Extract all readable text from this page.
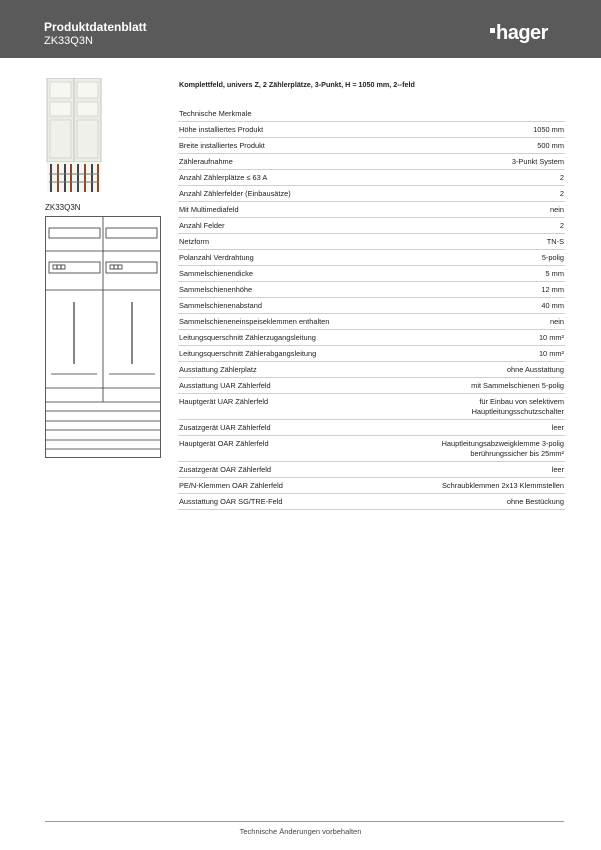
Produktdatenblatt
ZK33Q3N	hager
ZK33Q3N
Komplettfeld, univers Z, 2 Zählerplätze, 3-Punkt, H = 1050 mm, 2--feld
Technische Merkmale
Höhe installiertes Produkt	1050 mm
Breite installiertes Produkt	500 mm
Zähleraufnahme	3-Punkt System
Anzahl Zählerplätze ≤ 63 A	2
Anzahl Zählerfelder (Einbausätze)	2
Mit Multimediafeld	nein
Anzahl Felder	2
Netzform	TN-S
Polanzahl Verdrahtung	5-polig
Sammelschienendicke	5 mm
Sammelschienenhöhe	12 mm
Sammelschienenabstand	40 mm
Sammelschieneneinspeiseklemmen enthalten	nein
Leitungsquerschnitt Zählerzugangsleitung	10 mm²
Leitungsquerschnitt Zählerabgangsleitung	10 mm²
Ausstattung Zählerplatz	ohne Ausstattung
Ausstattung UAR Zählerfeld	mit Sammelschienen 5-polig
Hauptgerät UAR Zählerfeld	für Einbau von selektivem
Hauptleitungsschutzschalter
Zusatzgerät UAR Zählerfeld	leer
Hauptgerät OAR Zählerfeld	Hauptleitungsabzweigklemme 3-polig
berührungssicher bis 25mm²
Zusatzgerät OAR Zählerfeld	leer
PE/N-Klemmen OAR Zählerfeld	Schraubklemmen 2x13 Klemmstellen
Ausstattung OAR SG/TRE-Feld	ohne Bestückung
Technische Änderungen vorbehalten
